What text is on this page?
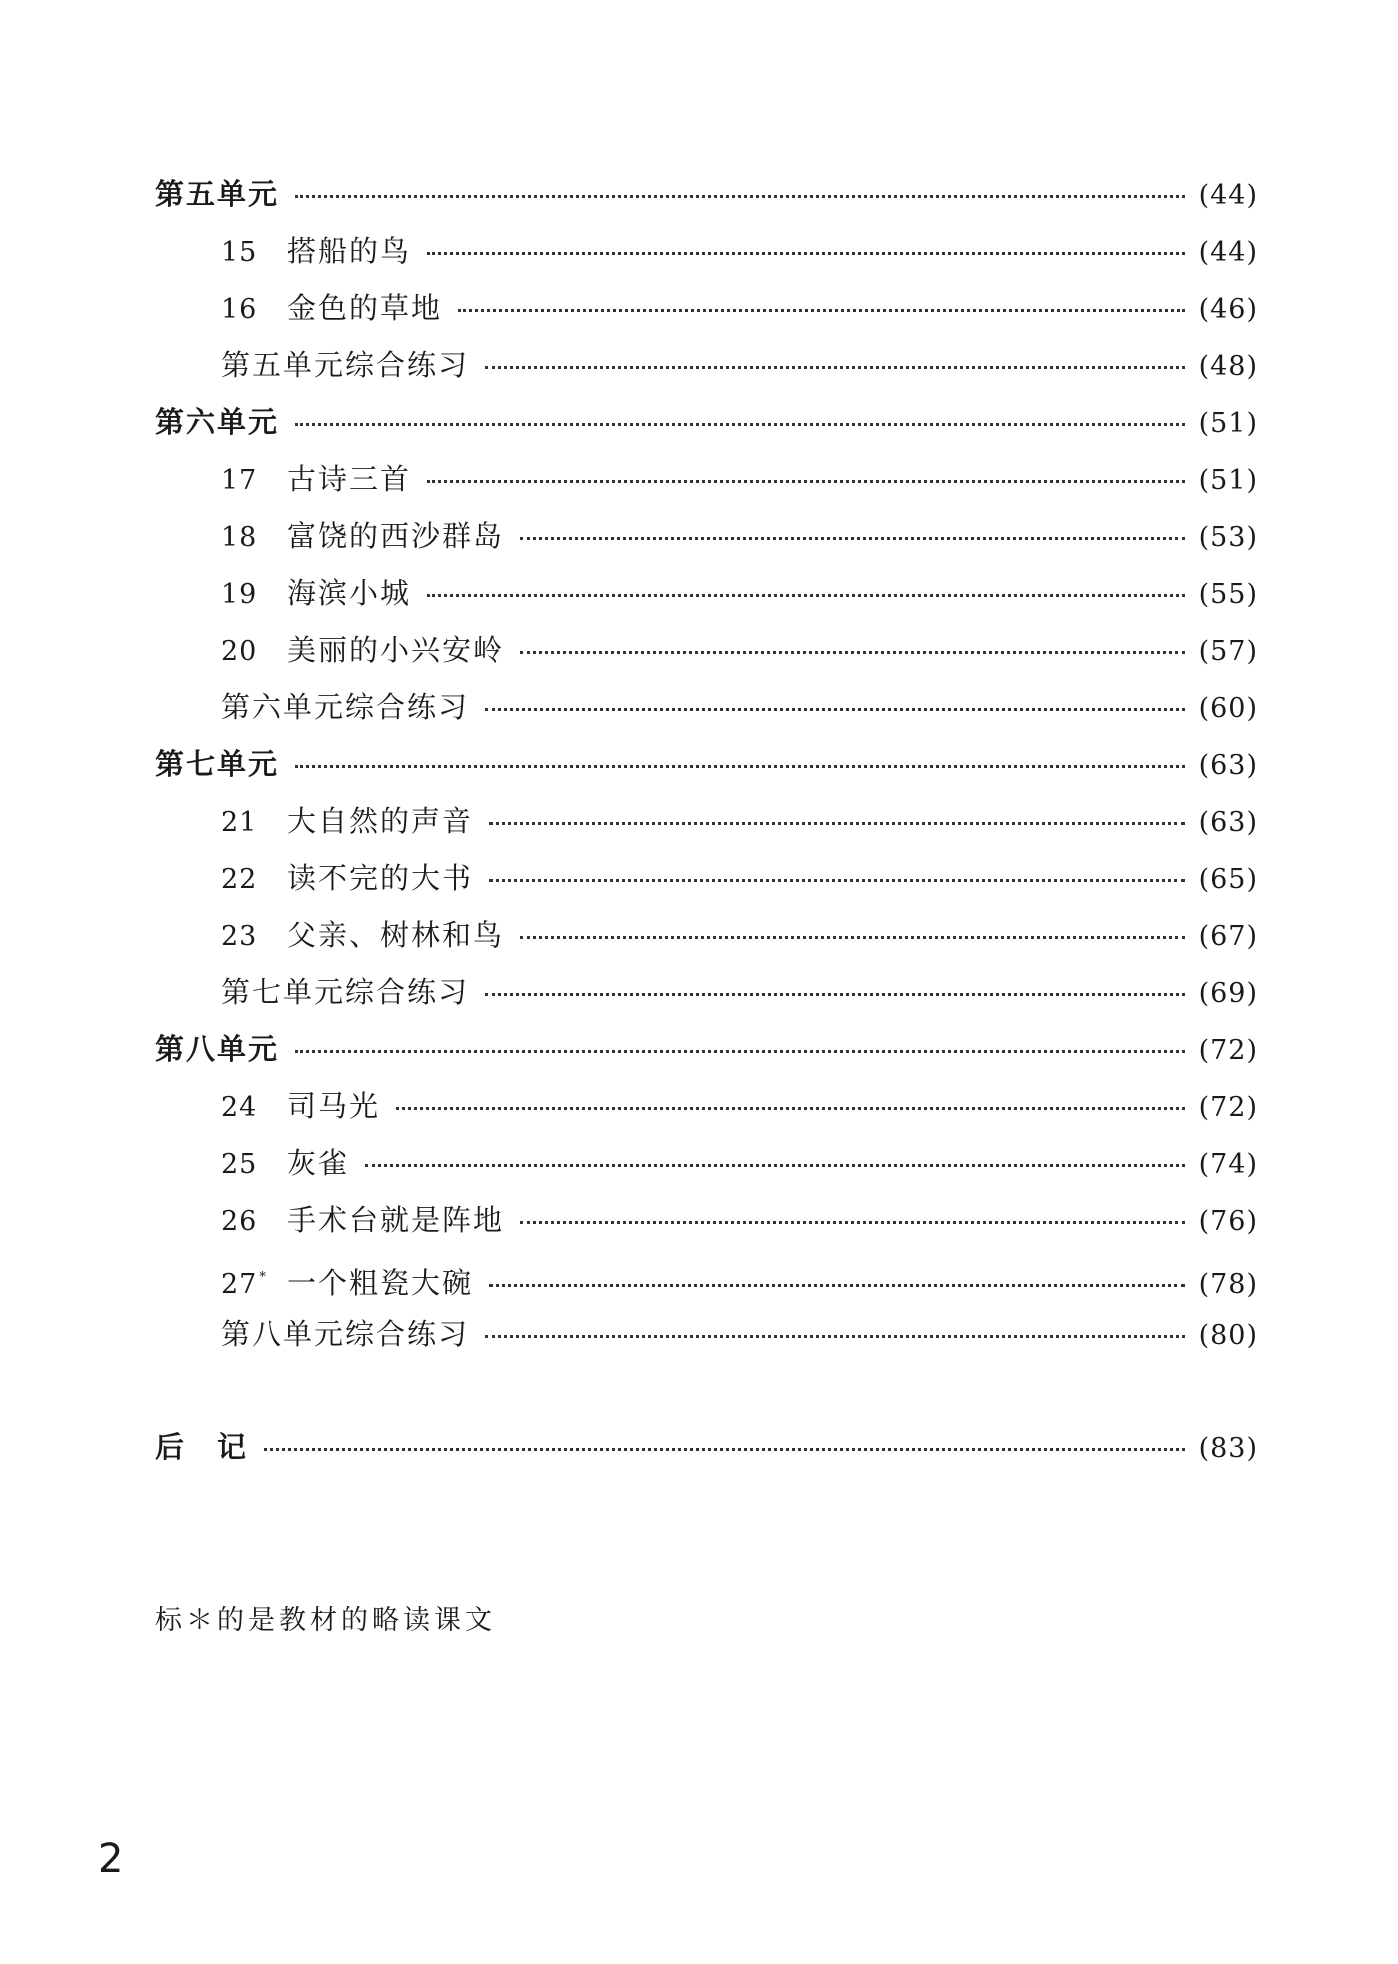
第五单元	(44)
15	搭船的鸟	(44)
16	金色的草地	(46)
第五单元综合练习	(48)
第六单元	(51)
17	古诗三首	(51)
18	富饶的西沙群岛	(53)
19	海滨小城	(55)
20	美丽的小兴安岭	(57)
第六单元综合练习	(60)
第七单元	(63)
21	大自然的声音	(63)
22	读不完的大书	(65)
23	父亲、树林和鸟	(67)
第七单元综合练习	(69)
第八单元	(72)
24	司马光	(72)
25	灰雀	(74)
26	手术台就是阵地	(76)
27 * 一个粗瓷大碗	(78)
第八单元综合练习	(80)
后　记	(83)
标＊的是教材的略读课文
2
